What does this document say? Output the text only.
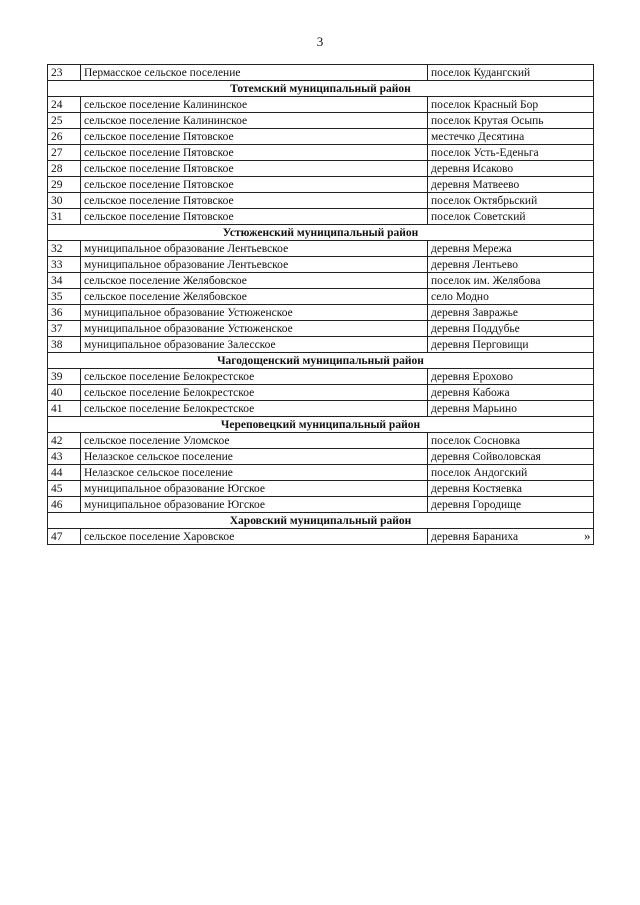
3
23	Пермасское сельское поселение	поселок Кудангский
Тотемский муниципальный район		
24	сельское поселение Калининское	поселок Красный Бор
25	сельское поселение Калининское	поселок Крутая Осыпь
26	сельское поселение Пятовское	местечко Десятина
27	сельское поселение Пятовское	поселок Усть-Еденьга
28	сельское поселение Пятовское	деревня Исаково
29	сельское поселение Пятовское	деревня Матвеево
30	сельское поселение Пятовское	поселок Октябрьский
31	сельское поселение Пятовское	поселок Советский
Устюженский муниципальный район		
32	муниципальное образование Лентьевское	деревня Мережа
33	муниципальное образование Лентьевское	деревня Лентьево
34	сельское поселение Желябовское	поселок им. Желябова
35	сельское поселение Желябовское	село Модно
36	муниципальное образование Устюженское	деревня Завражье
37	муниципальное образование Устюженское	деревня Поддубье
38	муниципальное образование Залесское	деревня Перговищи
Чагодощенский муниципальный район		
39	сельское поселение Белокрестское	деревня Ерохово
40	сельское поселение Белокрестское	деревня Кабожа
41	сельское поселение Белокрестское	деревня Марьино
Череповецкий муниципальный район		
42	сельское поселение Уломское	поселок Сосновка
43	Нелазское сельское поселение	деревня Сойволовская
44	Нелазское сельское поселение	поселок Андогский
45	муниципальное образование Югское	деревня Костяевка
46	муниципальное образование Югское	деревня Городище
Харовский муниципальный район		
47	сельское поселение Харовское	деревня Бараниха	»
